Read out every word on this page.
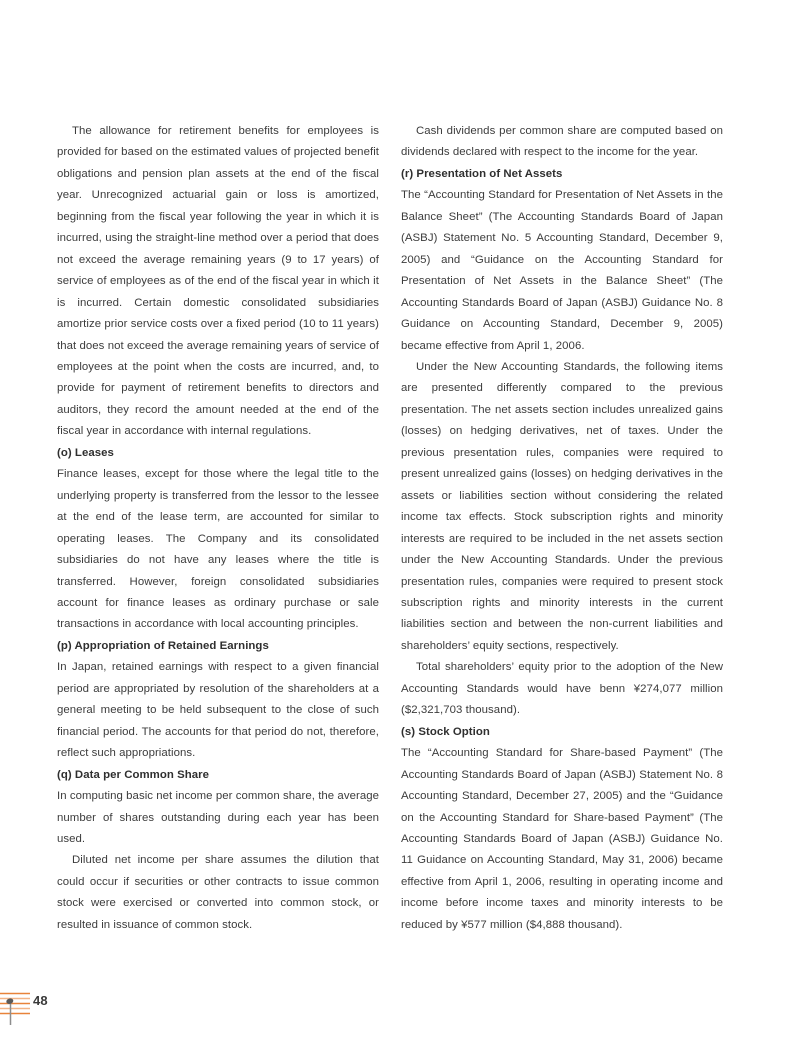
The allowance for retirement benefits for employees is provided for based on the estimated values of projected benefit obligations and pension plan assets at the end of the fiscal year. Unrecognized actuarial gain or loss is amortized, beginning from the fiscal year following the year in which it is incurred, using the straight-line method over a period that does not exceed the average remaining years (9 to 17 years) of service of employees as of the end of the fiscal year in which it is incurred. Certain domestic consolidated subsidiaries amortize prior service costs over a fixed period (10 to 11 years) that does not exceed the average remaining years of service of employees at the point when the costs are incurred, and, to provide for payment of retirement benefits to directors and auditors, they record the amount needed at the end of the fiscal year in accordance with internal regulations.

(o) Leases

Finance leases, except for those where the legal title to the underlying property is transferred from the lessor to the lessee at the end of the lease term, are accounted for similar to operating leases. The Company and its consolidated subsidiaries do not have any leases where the title is transferred. However, foreign consolidated subsidiaries account for finance leases as ordinary purchase or sale transactions in accordance with local accounting principles.

(p) Appropriation of Retained Earnings

In Japan, retained earnings with respect to a given financial period are appropriated by resolution of the shareholders at a general meeting to be held subsequent to the close of such financial period. The accounts for that period do not, therefore, reflect such appropriations.

(q) Data per Common Share

In computing basic net income per common share, the average number of shares outstanding during each year has been used.

Diluted net income per share assumes the dilution that could occur if securities or other contracts to issue common stock were exercised or converted into common stock, or resulted in issuance of common stock.

Cash dividends per common share are computed based on dividends declared with respect to the income for the year.

(r) Presentation of Net Assets

The “Accounting Standard for Presentation of Net Assets in the Balance Sheet” (The Accounting Standards Board of Japan (ASBJ) Statement No. 5 Accounting Standard, December 9, 2005) and “Guidance on the Accounting Standard for Presentation of Net Assets in the Balance Sheet” (The Accounting Standards Board of Japan (ASBJ) Guidance No. 8 Guidance on Accounting Standard, December 9, 2005) became effective from April 1, 2006.

Under the New Accounting Standards, the following items are presented differently compared to the previous presentation. The net assets section includes unrealized gains (losses) on hedging derivatives, net of taxes. Under the previous presentation rules, companies were required to present unrealized gains (losses) on hedging derivatives in the assets or liabilities section without considering the related income tax effects. Stock subscription rights and minority interests are required to be included in the net assets section under the New Accounting Standards. Under the previous presentation rules, companies were required to present stock subscription rights and minority interests in the current liabilities section and between the non-current liabilities and shareholders’ equity sections, respectively.

Total shareholders’ equity prior to the adoption of the New Accounting Standards would have benn ¥274,077 million ($2,321,703 thousand).

(s) Stock Option

The “Accounting Standard for Share-based Payment” (The Accounting Standards Board of Japan (ASBJ) Statement No. 8 Accounting Standard, December 27, 2005) and the “Guidance on the Accounting Standard for Share-based Payment” (The Accounting Standards Board of Japan (ASBJ) Guidance No. 11 Guidance on Accounting Standard, May 31, 2006) became effective from April 1, 2006, resulting in operating income and income before income taxes and minority interests to be reduced by ¥577 million ($4,888 thousand).

48
